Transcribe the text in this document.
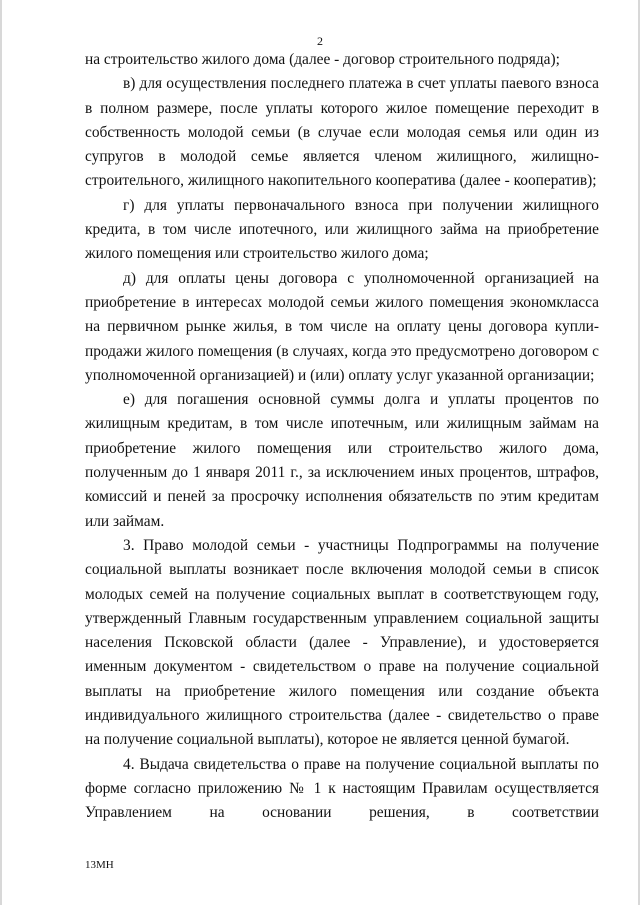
2

на строительство жилого дома (далее - договор строительного подряда);

в) для осуществления последнего платежа в счет уплаты паевого взноса в полном размере, после уплаты которого жилое помещение переходит в собственность молодой семьи (в случае если молодая семья или один из супругов в молодой семье является членом жилищного, жилищно-строительного, жилищного накопительного кооператива (далее - кооператив);

г) для уплаты первоначального взноса при получении жилищного кредита, в том числе ипотечного, или жилищного займа на приобретение жилого помещения или строительство жилого дома;

д) для оплаты цены договора с уполномоченной организацией на приобретение в интересах молодой семьи жилого помещения экономкласса на первичном рынке жилья, в том числе на оплату цены договора купли-продажи жилого помещения (в случаях, когда это предусмотрено договором с уполномоченной организацией) и (или) оплату услуг указанной организации;

е) для погашения основной суммы долга и уплаты процентов по жилищным кредитам, в том числе ипотечным, или жилищным займам на приобретение жилого помещения или строительство жилого дома, полученным до 1 января 2011 г., за исключением иных процентов, штрафов, комиссий и пеней за просрочку исполнения обязательств по этим кредитам или займам.

3. Право молодой семьи - участницы Подпрограммы на получение социальной выплаты возникает после включения молодой семьи в список молодых семей на получение социальных выплат в соответствующем году, утвержденный Главным государственным управлением социальной защиты населения Псковской области (далее - Управление), и удостоверяется именным документом - свидетельством о праве на получение социальной выплаты на приобретение жилого помещения или создание объекта индивидуального жилищного строительства (далее - свидетельство о праве на получение социальной выплаты), которое не является ценной бумагой.

4. Выдача свидетельства о праве на получение социальной выплаты по форме согласно приложению № 1 к настоящим Правилам осуществляется Управлением на основании решения, в соответствии

13МН
